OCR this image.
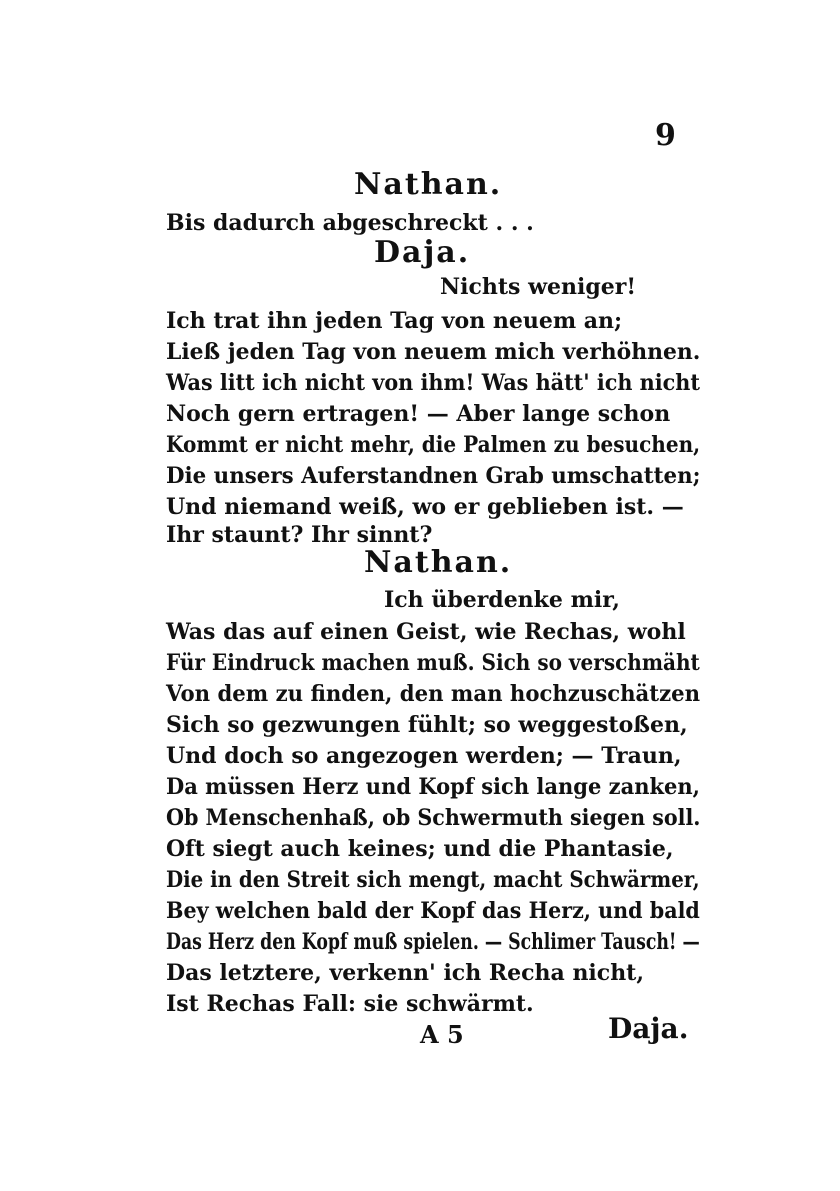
9
Nathan.
Bis dadurch abgeschreckt . . .
Daja.
Nichts weniger!
Ich trat ihn jeden Tag von neuem an;
Ließ jeden Tag von neuem mich verhöhnen.
Was litt ich nicht von ihm! Was hätt' ich nicht
Noch gern ertragen! — Aber lange schon
Kommt er nicht mehr, die Palmen zu besuchen,
Die unsers Auferstandnen Grab umschatten;
Und niemand weiß, wo er geblieben ist. —
Ihr staunt? Ihr sinnt?
Nathan.
Ich überdenke mir,
Was das auf einen Geist, wie Rechas, wohl
Für Eindruck machen muß. Sich so verschmäht
Von dem zu finden, den man hochzuschätzen
Sich so gezwungen fühlt; so weggestoßen,
Und doch so angezogen werden; — Traun,
Da müssen Herz und Kopf sich lange zanken,
Ob Menschenhaß, ob Schwermuth siegen soll.
Oft siegt auch keines; und die Phantasie,
Die in den Streit sich mengt, macht Schwärmer,
Bey welchen bald der Kopf das Herz, und bald
Das Herz den Kopf muß spielen. — Schlimer Tausch! —
Das letztere, verkenn' ich Recha nicht,
Ist Rechas Fall: sie schwärmt.
A 5	Daja.
